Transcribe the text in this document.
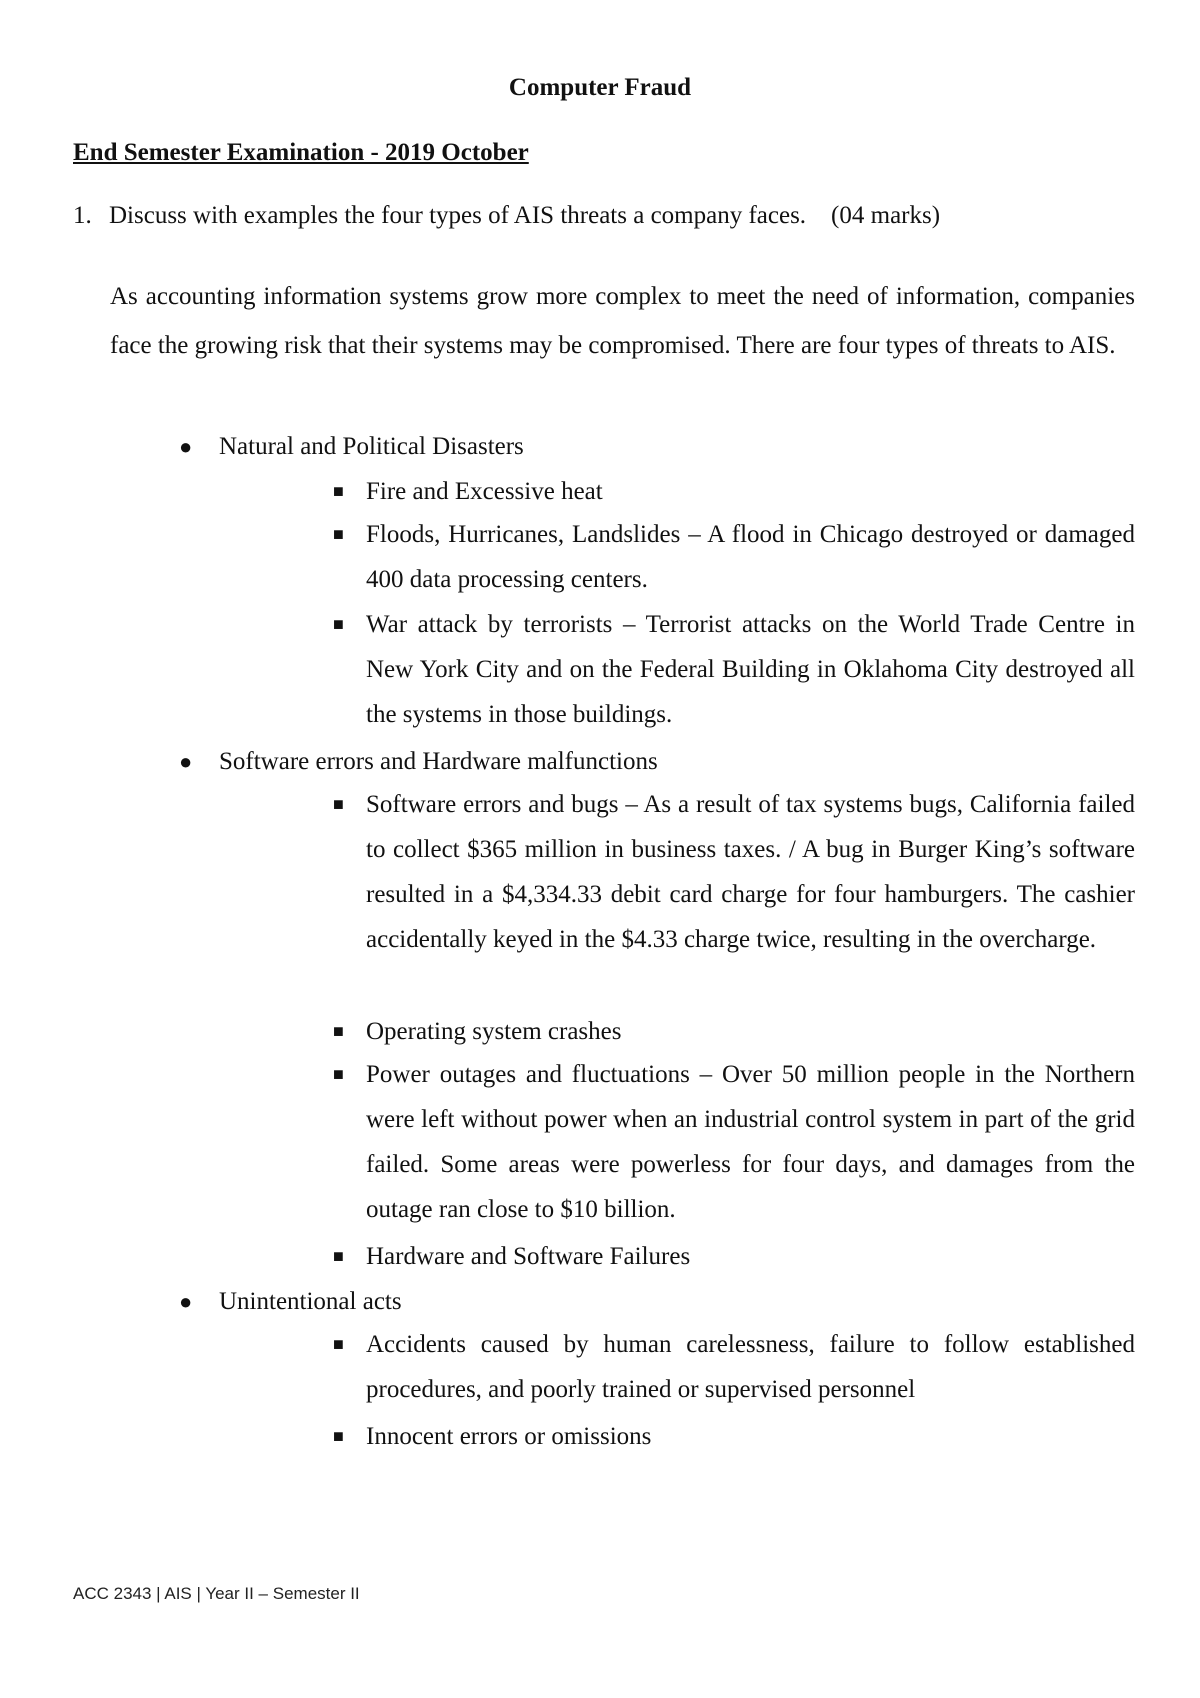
Computer Fraud
End Semester Examination - 2019 October
1. Discuss with examples the four types of AIS threats a company faces.    (04 marks)
As accounting information systems grow more complex to meet the need of information, companies face the growing risk that their systems may be compromised. There are four types of threats to AIS.
● Natural and Political Disasters
■ Fire and Excessive heat
■ Floods, Hurricanes, Landslides – A flood in Chicago destroyed or damaged 400 data processing centers.
■ War attack by terrorists – Terrorist attacks on the World Trade Centre in New York City and on the Federal Building in Oklahoma City destroyed all the systems in those buildings.
● Software errors and Hardware malfunctions
■ Software errors and bugs – As a result of tax systems bugs, California failed to collect $365 million in business taxes. / A bug in Burger King’s software resulted in a $4,334.33 debit card charge for four hamburgers. The cashier accidentally keyed in the $4.33 charge twice, resulting in the overcharge.
■ Operating system crashes
■ Power outages and fluctuations – Over 50 million people in the Northern were left without power when an industrial control system in part of the grid failed. Some areas were powerless for four days, and damages from the outage ran close to $10 billion.
■ Hardware and Software Failures
● Unintentional acts
■ Accidents caused by human carelessness, failure to follow established procedures, and poorly trained or supervised personnel
■ Innocent errors or omissions
ACC 2343 | AIS | Year II – Semester II
